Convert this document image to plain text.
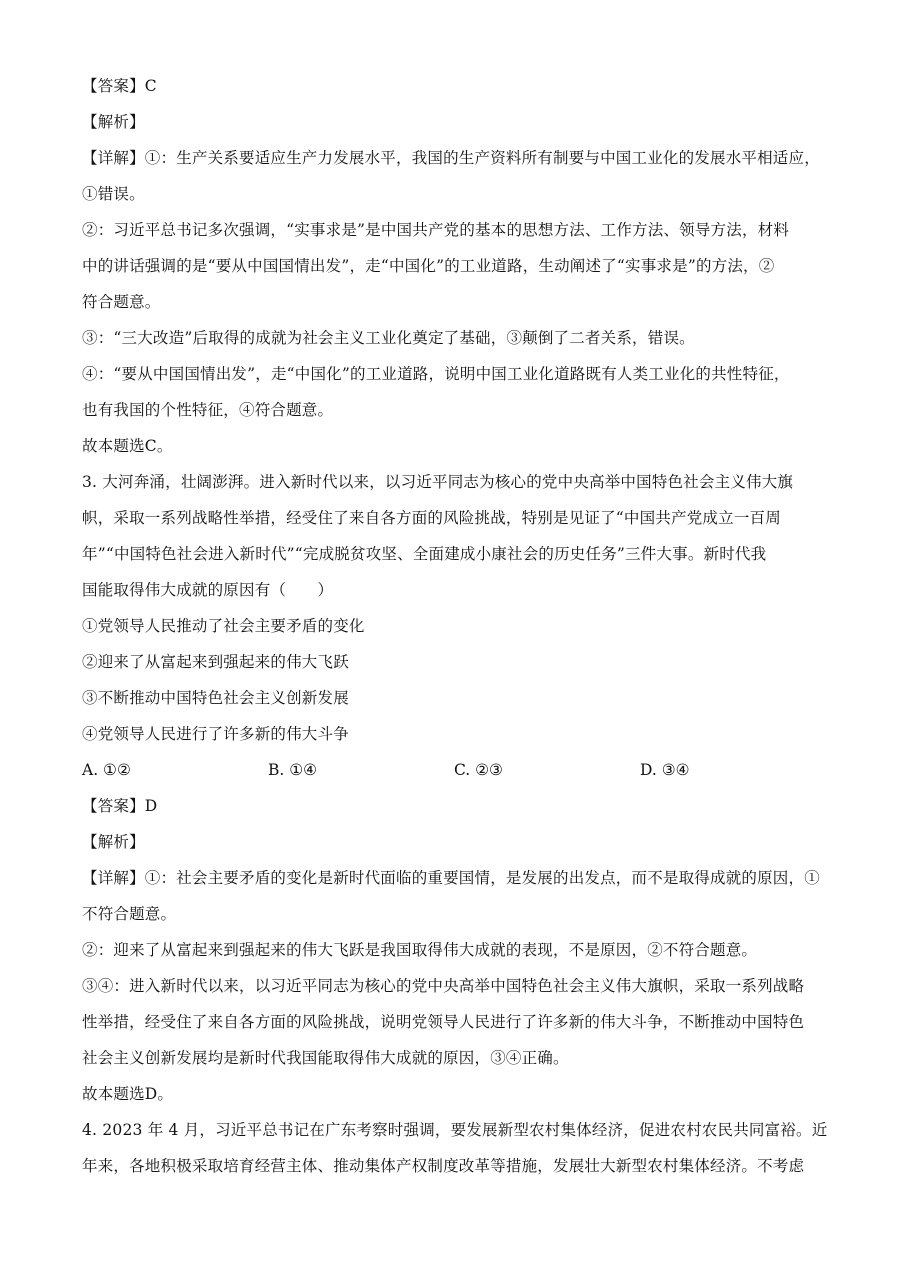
【答案】C
【解析】
【详解】①：生产关系要适应生产力发展水平，我国的生产资料所有制要与中国工业化的发展水平相适应，
①错误。
②：习近平总书记多次强调，“实事求是”是中国共产党的基本的思想方法、工作方法、领导方法，材料
中的讲话强调的是“要从中国国情出发”，走“中国化”的工业道路，生动阐述了“实事求是”的方法，②
符合题意。
③：“三大改造”后取得的成就为社会主义工业化奠定了基础，③颠倒了二者关系，错误。
④：“要从中国国情出发”，走“中国化”的工业道路，说明中国工业化道路既有人类工业化的共性特征，
也有我国的个性特征，④符合题意。
故本题选C。
3. 大河奔涌，壮阔澎湃。进入新时代以来，以习近平同志为核心的党中央高举中国特色社会主义伟大旗
帜，采取一系列战略性举措，经受住了来自各方面的风险挑战，特别是见证了“中国共产党成立一百周
年”“中国特色社会进入新时代”“完成脱贫攻坚、全面建成小康社会的历史任务”三件大事。新时代我
国能取得伟大成就的原因有（　　）
①党领导人民推动了社会主要矛盾的变化
②迎来了从富起来到强起来的伟大飞跃
③不断推动中国特色社会主义创新发展
④党领导人民进行了许多新的伟大斗争
A. ①②	B. ①④	C. ②③	D. ③④
【答案】D
【解析】
【详解】①：社会主要矛盾的变化是新时代面临的重要国情，是发展的出发点，而不是取得成就的原因，①
不符合题意。
②：迎来了从富起来到强起来的伟大飞跃是我国取得伟大成就的表现，不是原因，②不符合题意。
③④：进入新时代以来，以习近平同志为核心的党中央高举中国特色社会主义伟大旗帜，采取一系列战略
性举措，经受住了来自各方面的风险挑战，说明党领导人民进行了许多新的伟大斗争，不断推动中国特色
社会主义创新发展均是新时代我国能取得伟大成就的原因，③④正确。
故本题选D。
4. 2023 年 4 月，习近平总书记在广东考察时强调，要发展新型农村集体经济，促进农村农民共同富裕。近
年来，各地积极采取培育经营主体、推动集体产权制度改革等措施，发展壮大新型农村集体经济。不考虑
